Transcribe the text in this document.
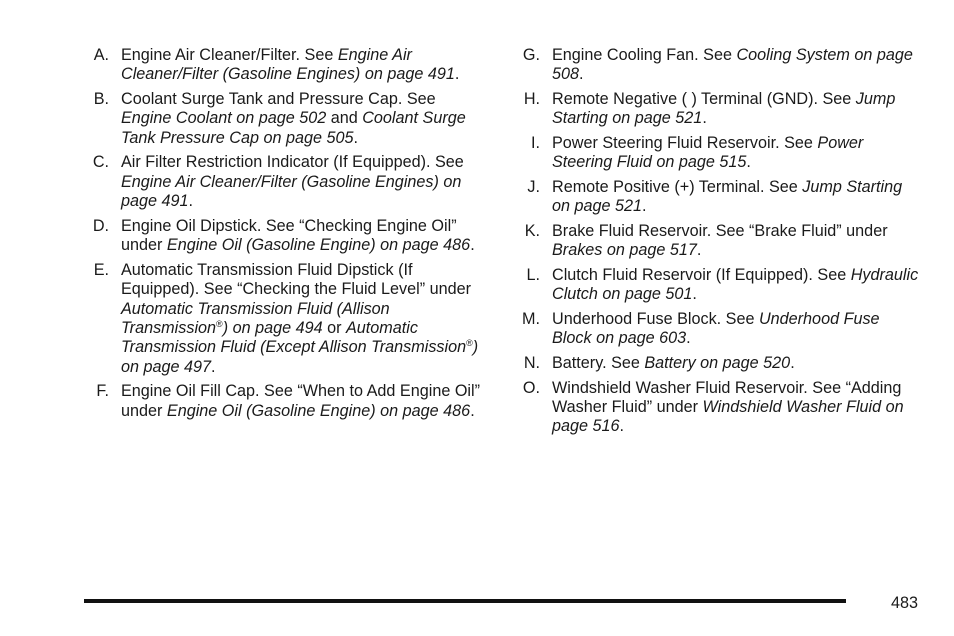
A. Engine Air Cleaner/Filter. See Engine Air Cleaner/Filter (Gasoline Engines) on page 491.
B. Coolant Surge Tank and Pressure Cap. See Engine Coolant on page 502 and Coolant Surge Tank Pressure Cap on page 505.
C. Air Filter Restriction Indicator (If Equipped). See Engine Air Cleaner/Filter (Gasoline Engines) on page 491.
D. Engine Oil Dipstick. See “Checking Engine Oil” under Engine Oil (Gasoline Engine) on page 486.
E. Automatic Transmission Fluid Dipstick (If Equipped). See “Checking the Fluid Level” under Automatic Transmission Fluid (Allison Transmission®) on page 494 or Automatic Transmission Fluid (Except Allison Transmission®) on page 497.
F. Engine Oil Fill Cap. See “When to Add Engine Oil” under Engine Oil (Gasoline Engine) on page 486.
G. Engine Cooling Fan. See Cooling System on page 508.
H. Remote Negative ( ) Terminal (GND). See Jump Starting on page 521.
I. Power Steering Fluid Reservoir. See Power Steering Fluid on page 515.
J. Remote Positive (+) Terminal. See Jump Starting on page 521.
K. Brake Fluid Reservoir. See “Brake Fluid” under Brakes on page 517.
L. Clutch Fluid Reservoir (If Equipped). See Hydraulic Clutch on page 501.
M. Underhood Fuse Block. See Underhood Fuse Block on page 603.
N. Battery. See Battery on page 520.
O. Windshield Washer Fluid Reservoir. See “Adding Washer Fluid” under Windshield Washer Fluid on page 516.
483
